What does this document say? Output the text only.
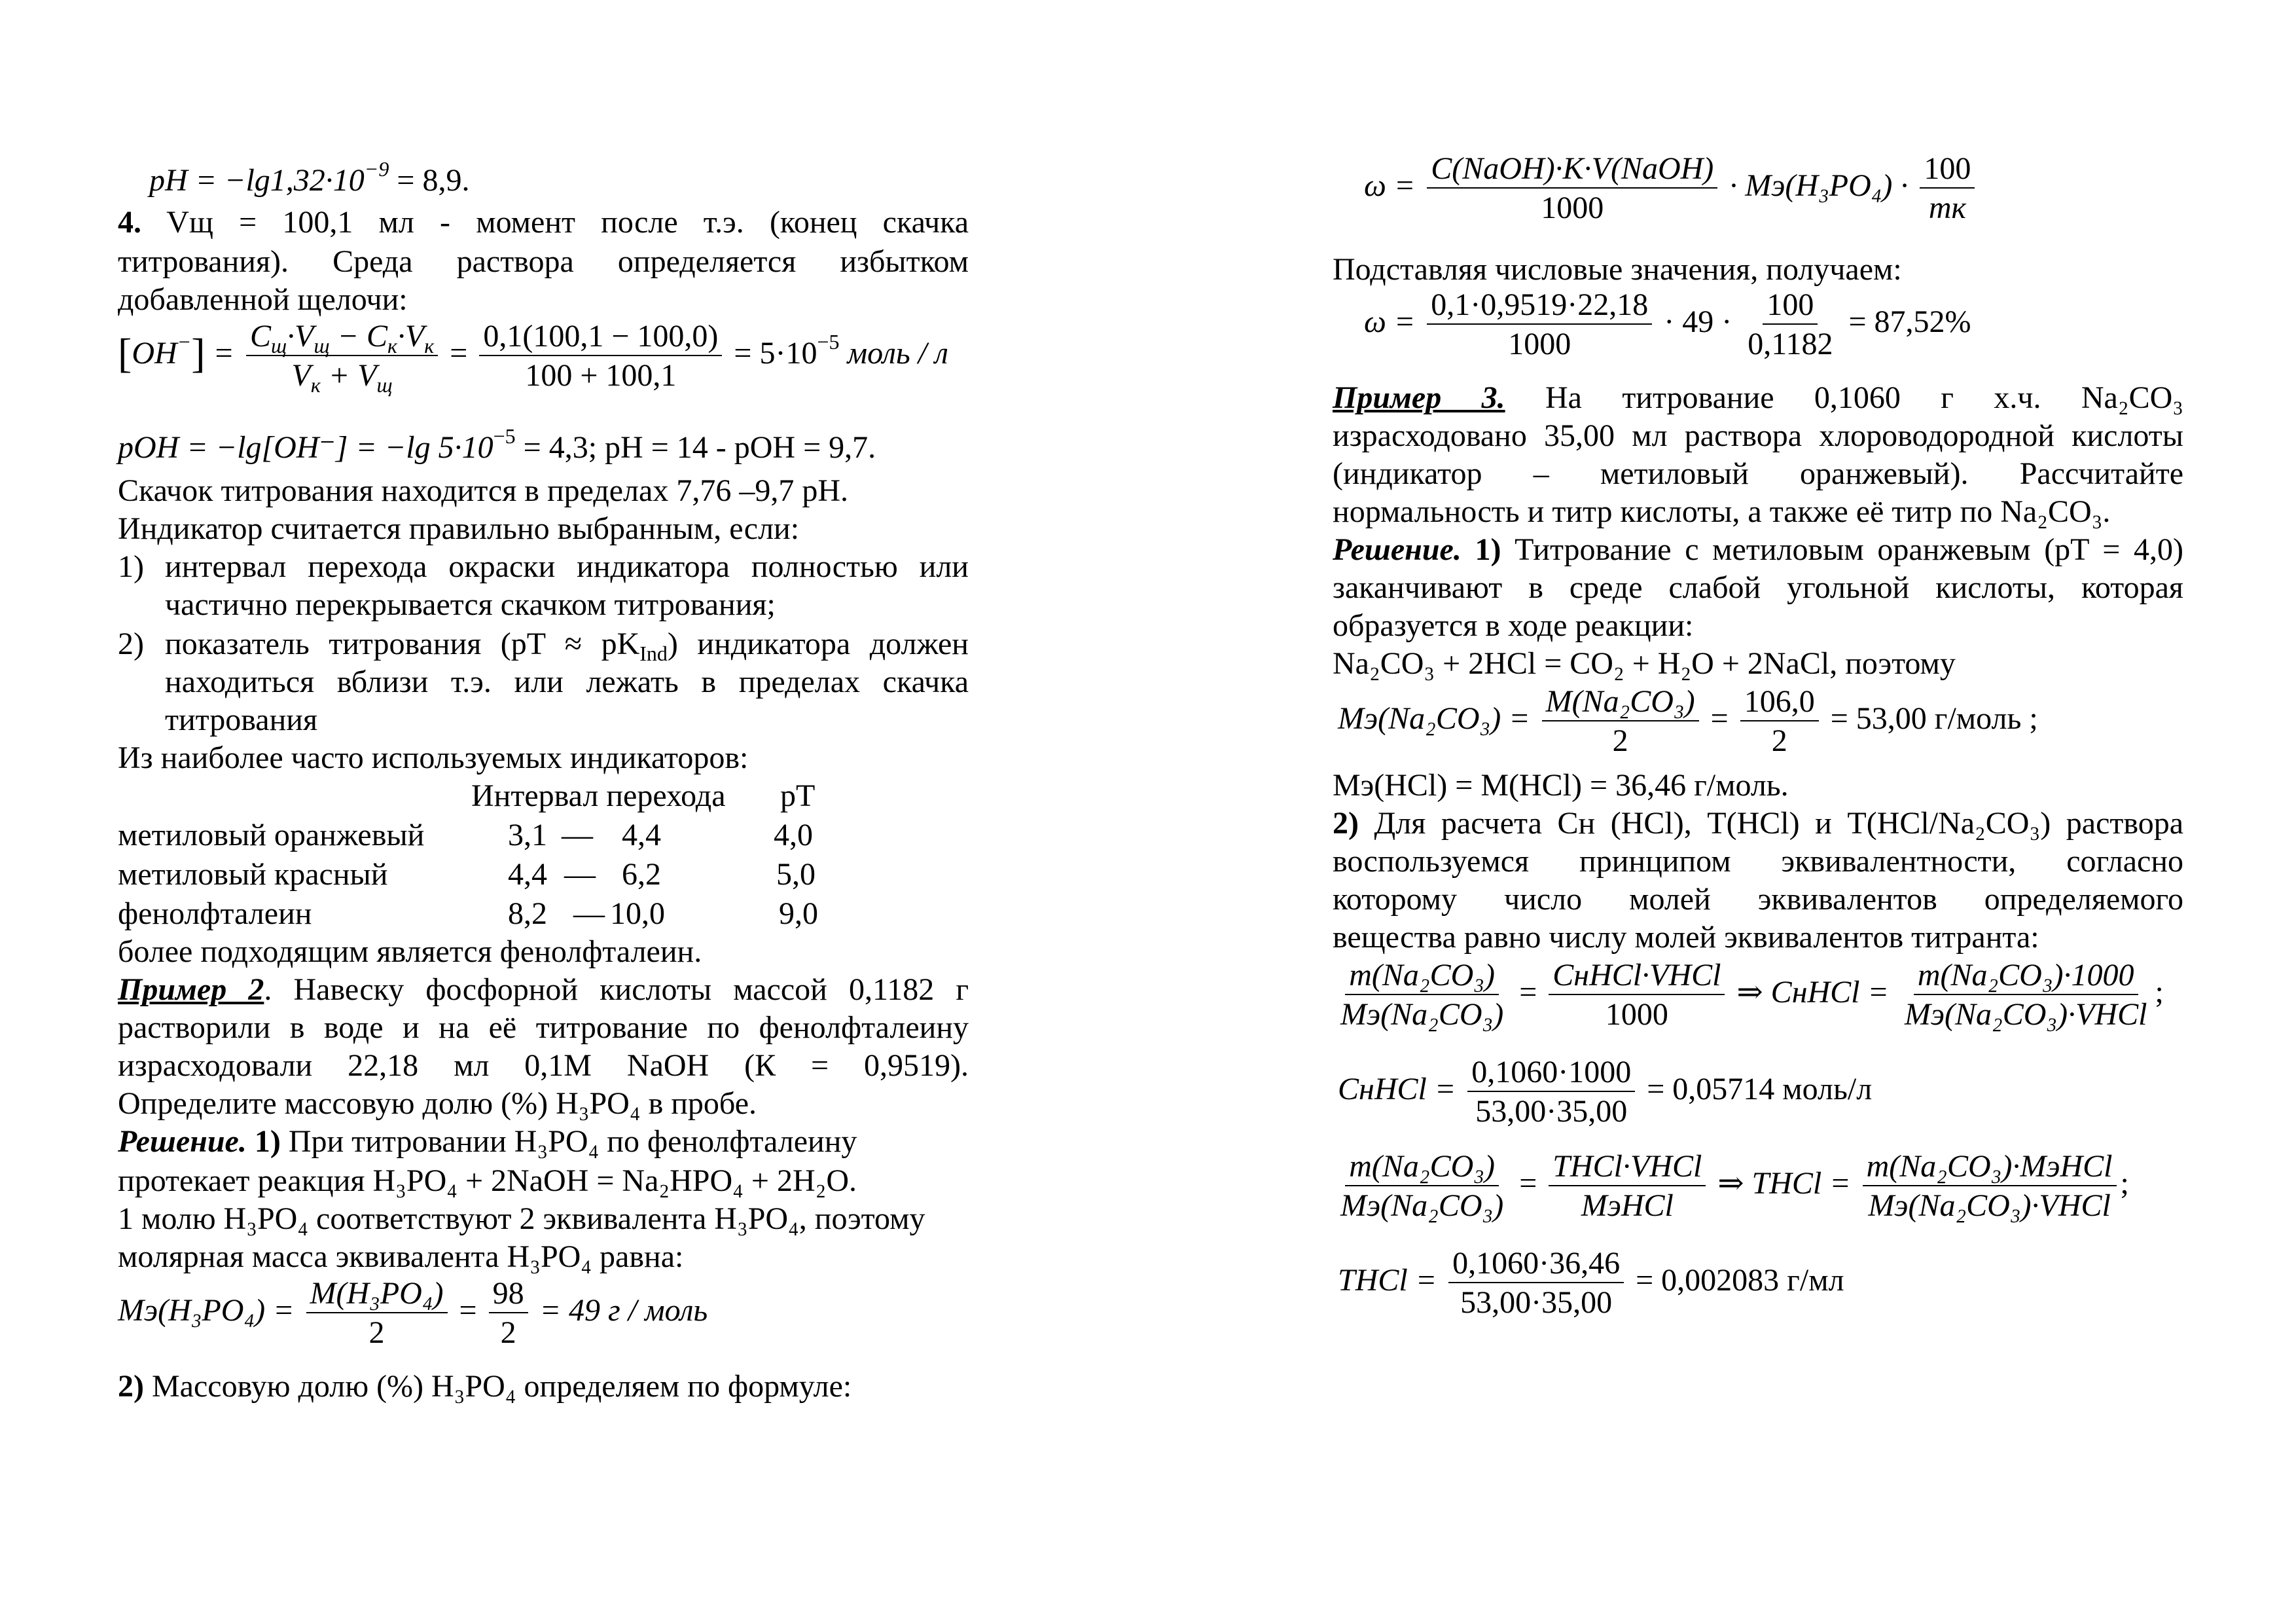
pH = $-\lg 1,32\cdot 10^{-9} = 8,9$.
4. Vщ = 100,1 мл - момент после т.э. (конец скачка
титрования). Среда раствора определяется избытком
добавленной щелочи:
$[OH^-] = \frac{C_щ\cdot V_щ - C_к\cdot V_к}{V_к + V_щ} = \frac{0,1(100,1 - 100,0)}{100 + 100,1} = 5\cdot 10^{-5}$ моль / л
pOH = −lg[OH⁻] = −lg $5\cdot 10^{-5} = 4,3$; pH = 14 - pOH = 9,7.
Скачок титрования находится в пределах 7,76 –9,7 pH.
Индикатор считается правильно выбранным, если:
1) интервал перехода окраски индикатора полностью или
частично перекрывается скачком титрования;
2) показатель титрования $(pT \approx pK_{Ind})$ индикатора должен
находиться вблизи т.э. или лежать в пределах скачка
титрования
Из наиболее часто используемых индикаторов:
Интервал перехода pT
метиловый оранжевый	3,1 — 4,4	4,0
метиловый красный	4,4 — 6,2	5,0
фенолфталеин	8,2 — 10,0	9,0
более подходящим является фенолфталеин.
Пример 2. Навеску фосфорной кислоты массой 0,1182 г
растворили в воде и на её титрование по фенолфталеину
израсходовали 22,18 мл 0,1М NaOH (К = 0,9519).
Определите массовую долю (%) H₃PO₄ в пробе.
Решение. 1) При титровании H₃PO₄ по фенолфталеину
протекает реакция H₃PO₄ + 2NaOH = Na₂HPO₄ + 2H₂O.
1 молю H₃PO₄ соответствуют 2 эквивалента H₃PO₄, поэтому
молярная масса эквивалента H₃PO₄ равна:
$Mэ(H_3PO_4) = \frac{\text{M(H₃PO₄)}}{2} = \frac{98}{2} = 49$ г / моль
2) Массовую долю (%) H₃PO₄ определяем по формуле:
$\omega = \frac{\text{C(NaOH)·K·V(NaOH)}}{1000} \cdot Mэ(H_3PO_4) \cdot \frac{100}{mк}$
Подставляя числовые значения, получаем:
$\omega = \frac{0,1\cdot 0,9519\cdot 22,18}{1000} \cdot 49 \cdot \frac{100}{0,1182} = 87,52\%$
Пример 3. На титрование 0,1060 г х.ч. Na₂CO₃
израсходовано 35,00 мл раствора хлороводородной кислоты
(индикатор – метиловый оранжевый). Рассчитайте
нормальность и титр кислоты, а также её титр по Na₂CO₃.
Решение. 1) Титрование с метиловым оранжевым (pT = 4,0)
заканчивают в среде слабой угольной кислоты, которая
образуется в ходе реакции:
Na₂CO₃ + 2HCl = CO₂ + H₂O + 2NaCl, поэтому
$Mэ(Na_2CO_3) = \frac{\text{M(Na₂CO₃)}}{2} = \frac{106,0}{2} = 53,00$ г/моль ;
Mэ(HCl) = M(HCl) = 36,46 г/моль.
2) Для расчета Cн (HCl), T(HCl) и T(HCl/Na₂CO₃) раствора
воспользуемся принципом эквивалентности, согласно
которому число молей эквивалентов определяемого
вещества равно числу молей эквивалентов титранта:
$\frac{\text{m(Na₂CO₃)}}{\text{Mэ(Na₂CO₃)}} = \frac{\text{CнHCl·VHCl}}{1000}$ ⇒ CнHCl = $\frac{\text{m(Na₂CO₃)·1000}}{\text{Mэ(Na₂CO₃)·VHCl}}$ ;
CнHCl = $\frac{0,1060\cdot 1000}{53,00\cdot 35,00} = 0,05714$ моль/л
$\frac{\text{m(Na₂CO₃)}}{\text{Mэ(Na₂CO₃)}} = \frac{\text{THCl·VHCl}}{\text{MэHCl}}$ ⇒ THCl = $\frac{\text{m(Na₂CO₃)·MэHCl}}{\text{Mэ(Na₂CO₃)·VHCl}}$ ;
THCl = $\frac{0,1060\cdot 36,46}{53,00\cdot 35,00} = 0,002083$ г/мл
